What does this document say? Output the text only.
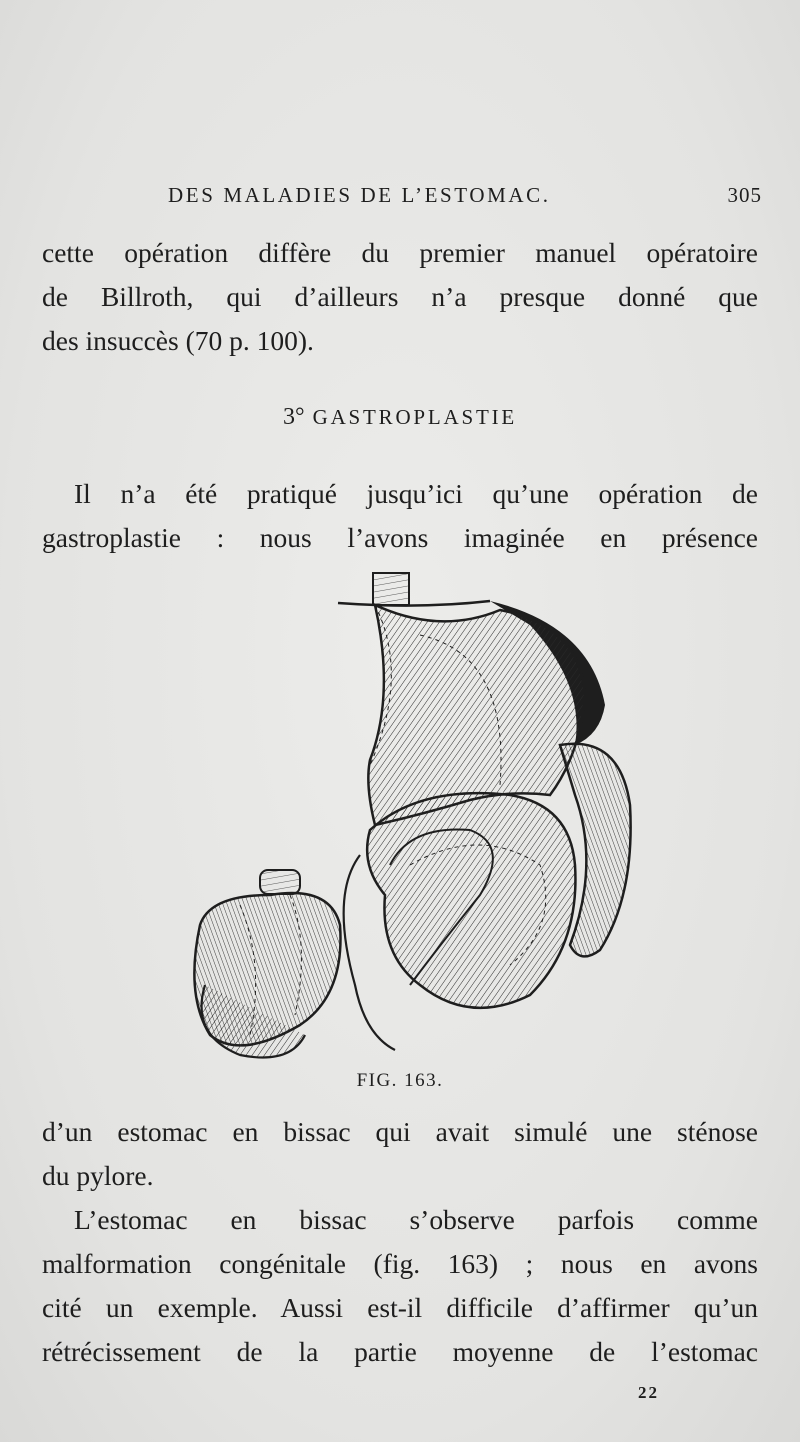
DES MALADIES DE L’ESTOMAC.	305
cette opération diffère du premier manuel opératoire
de Billroth, qui d’ailleurs n’a presque donné que
des insuccès (70 p. 100).
3° GASTROPLASTIE
Il n’a été pratiqué jusqu’ici qu’une opération de
gastroplastie : nous l’avons imaginée en présence
FIG. 163.
d’un estomac en bissac qui avait simulé une sténose
du pylore.
L’estomac en bissac s’observe parfois comme
malformation congénitale (fig. 163) ; nous en avons
cité un exemple. Aussi est-il difficile d’affirmer qu’un
rétrécissement de la partie moyenne de l’estomac
22
